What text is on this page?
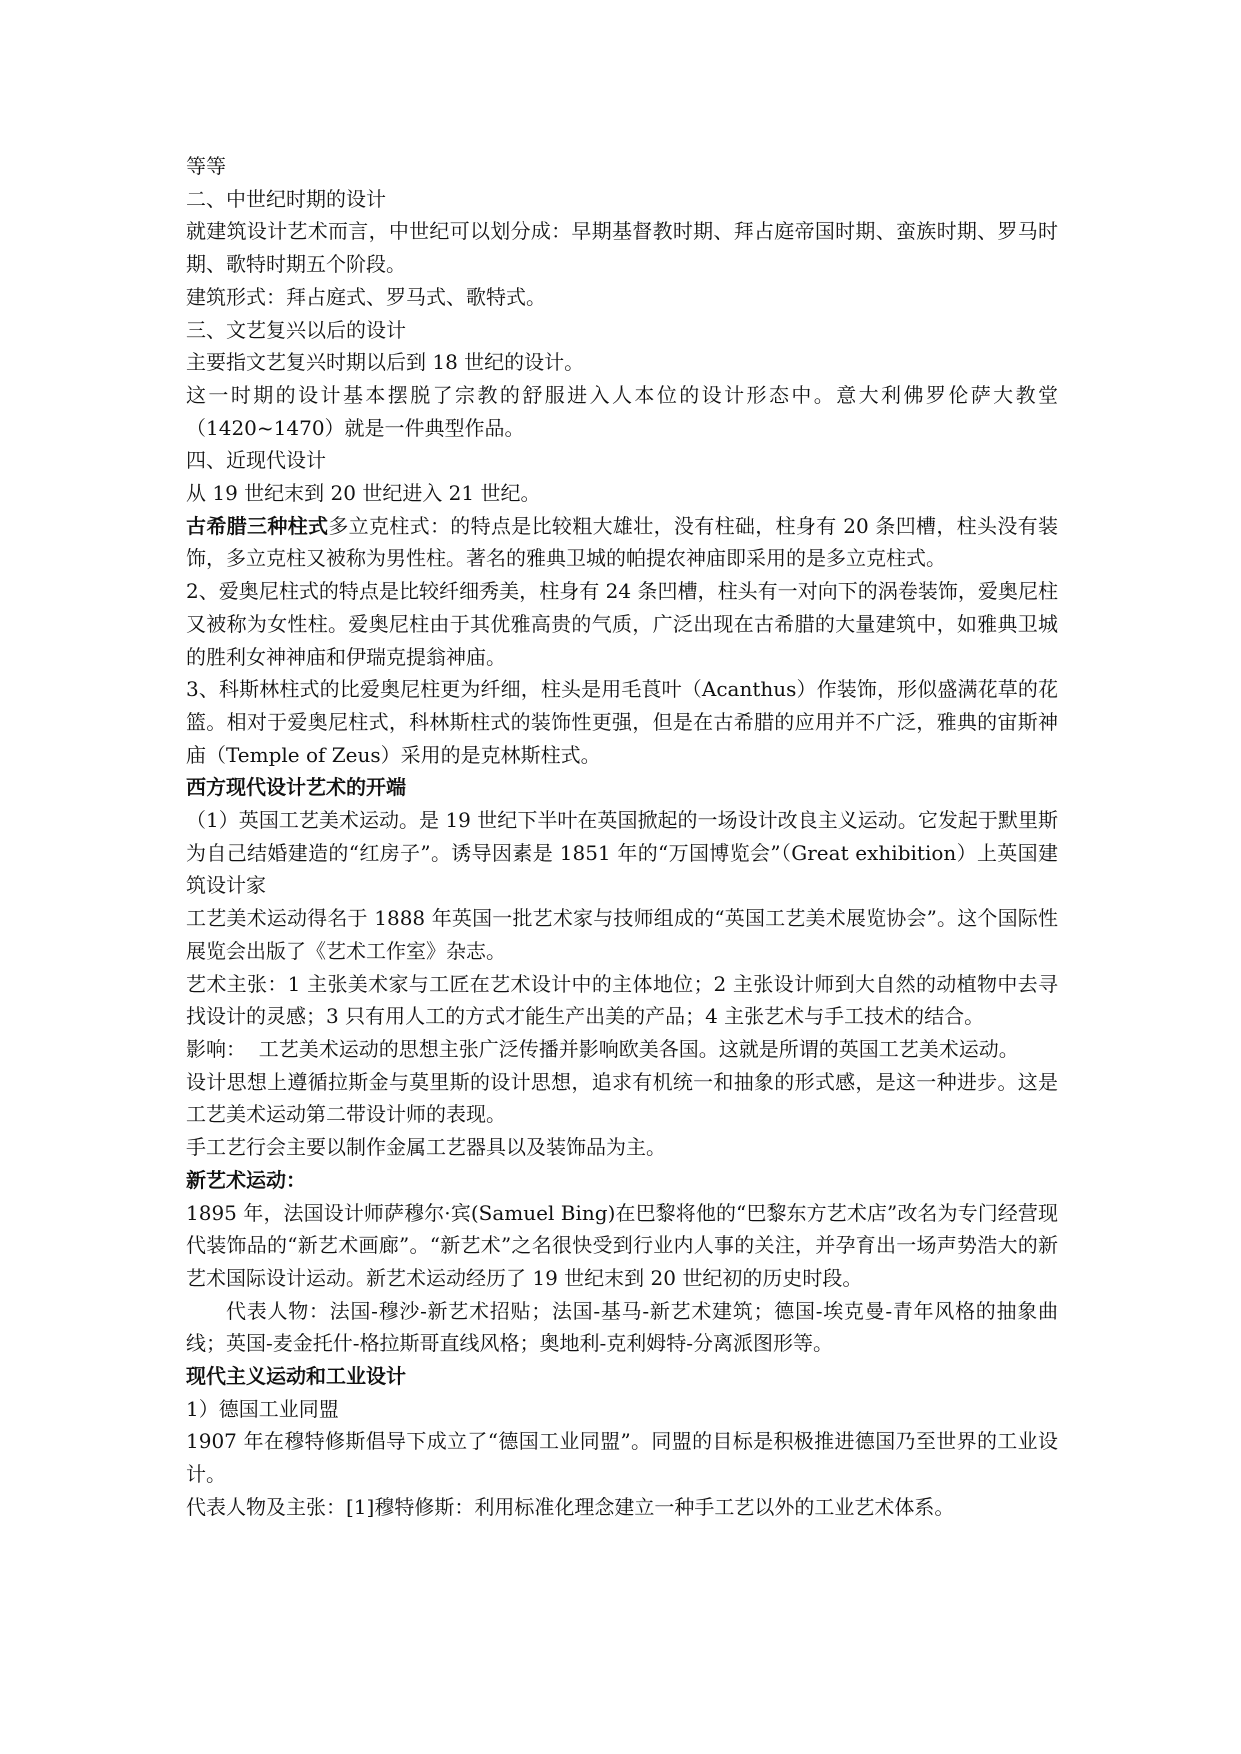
等等

二、中世纪时期的设计

就建筑设计艺术而言，中世纪可以划分成：早期基督教时期、拜占庭帝国时期、蛮族时期、罗马时期、歌特时期五个阶段。

建筑形式：拜占庭式、罗马式、歌特式。

三、文艺复兴以后的设计

主要指文艺复兴时期以后到 18 世纪的设计。

这一时期的设计基本摆脱了宗教的舒服进入人本位的设计形态中。意大利佛罗伦萨大教堂（1420~1470）就是一件典型作品。

四、近现代设计

从 19 世纪末到 20 世纪进入 21 世纪。

古希腊三种柱式多立克柱式：的特点是比较粗大雄壮，没有柱础，柱身有 20 条凹槽，柱头没有装饰，多立克柱又被称为男性柱。著名的雅典卫城的帕提农神庙即采用的是多立克柱式。

2、爱奥尼柱式的特点是比较纤细秀美，柱身有 24 条凹槽，柱头有一对向下的涡卷装饰，爱奥尼柱又被称为女性柱。爱奥尼柱由于其优雅高贵的气质，广泛出现在古希腊的大量建筑中，如雅典卫城的胜利女神神庙和伊瑞克提翁神庙。

3、科斯林柱式的比爱奥尼柱更为纤细，柱头是用毛莨叶（Acanthus）作装饰，形似盛满花草的花篮。相对于爱奥尼柱式，科林斯柱式的装饰性更强，但是在古希腊的应用并不广泛，雅典的宙斯神庙（Temple of Zeus）采用的是克林斯柱式。

西方现代设计艺术的开端

（1）英国工艺美术运动。是 19 世纪下半叶在英国掀起的一场设计改良主义运动。它发起于默里斯为自己结婚建造的“红房子”。诱导因素是 1851 年的“万国博览会”（Great exhibition）上英国建筑设计家

工艺美术运动得名于 1888 年英国一批艺术家与技师组成的“英国工艺美术展览协会”。这个国际性展览会出版了《艺术工作室》杂志。

艺术主张：1 主张美术家与工匠在艺术设计中的主体地位；2 主张设计师到大自然的动植物中去寻找设计的灵感；3 只有用人工的方式才能生产出美的产品；4 主张艺术与手工技术的结合。

影响：  工艺美术运动的思想主张广泛传播并影响欧美各国。这就是所谓的英国工艺美术运动。

设计思想上遵循拉斯金与莫里斯的设计思想，追求有机统一和抽象的形式感，是这一种进步。这是工艺美术运动第二带设计师的表现。

手工艺行会主要以制作金属工艺器具以及装饰品为主。

新艺术运动：

1895 年，法国设计师萨穆尔·宾(Samuel Bing)在巴黎将他的“巴黎东方艺术店”改名为专门经营现代装饰品的“新艺术画廊”。“新艺术”之名很快受到行业内人事的关注，并孕育出一场声势浩大的新艺术国际设计运动。新艺术运动经历了 19 世纪末到 20 世纪初的历史时段。

代表人物：法国-穆沙-新艺术招贴；法国-基马-新艺术建筑；德国-埃克曼-青年风格的抽象曲线；英国-麦金托什-格拉斯哥直线风格；奥地利-克利姆特-分离派图形等。

现代主义运动和工业设计

1）德国工业同盟

1907 年在穆特修斯倡导下成立了“德国工业同盟”。同盟的目标是积极推进德国乃至世界的工业设计。

代表人物及主张：[1]穆特修斯：利用标准化理念建立一种手工艺以外的工业艺术体系。
